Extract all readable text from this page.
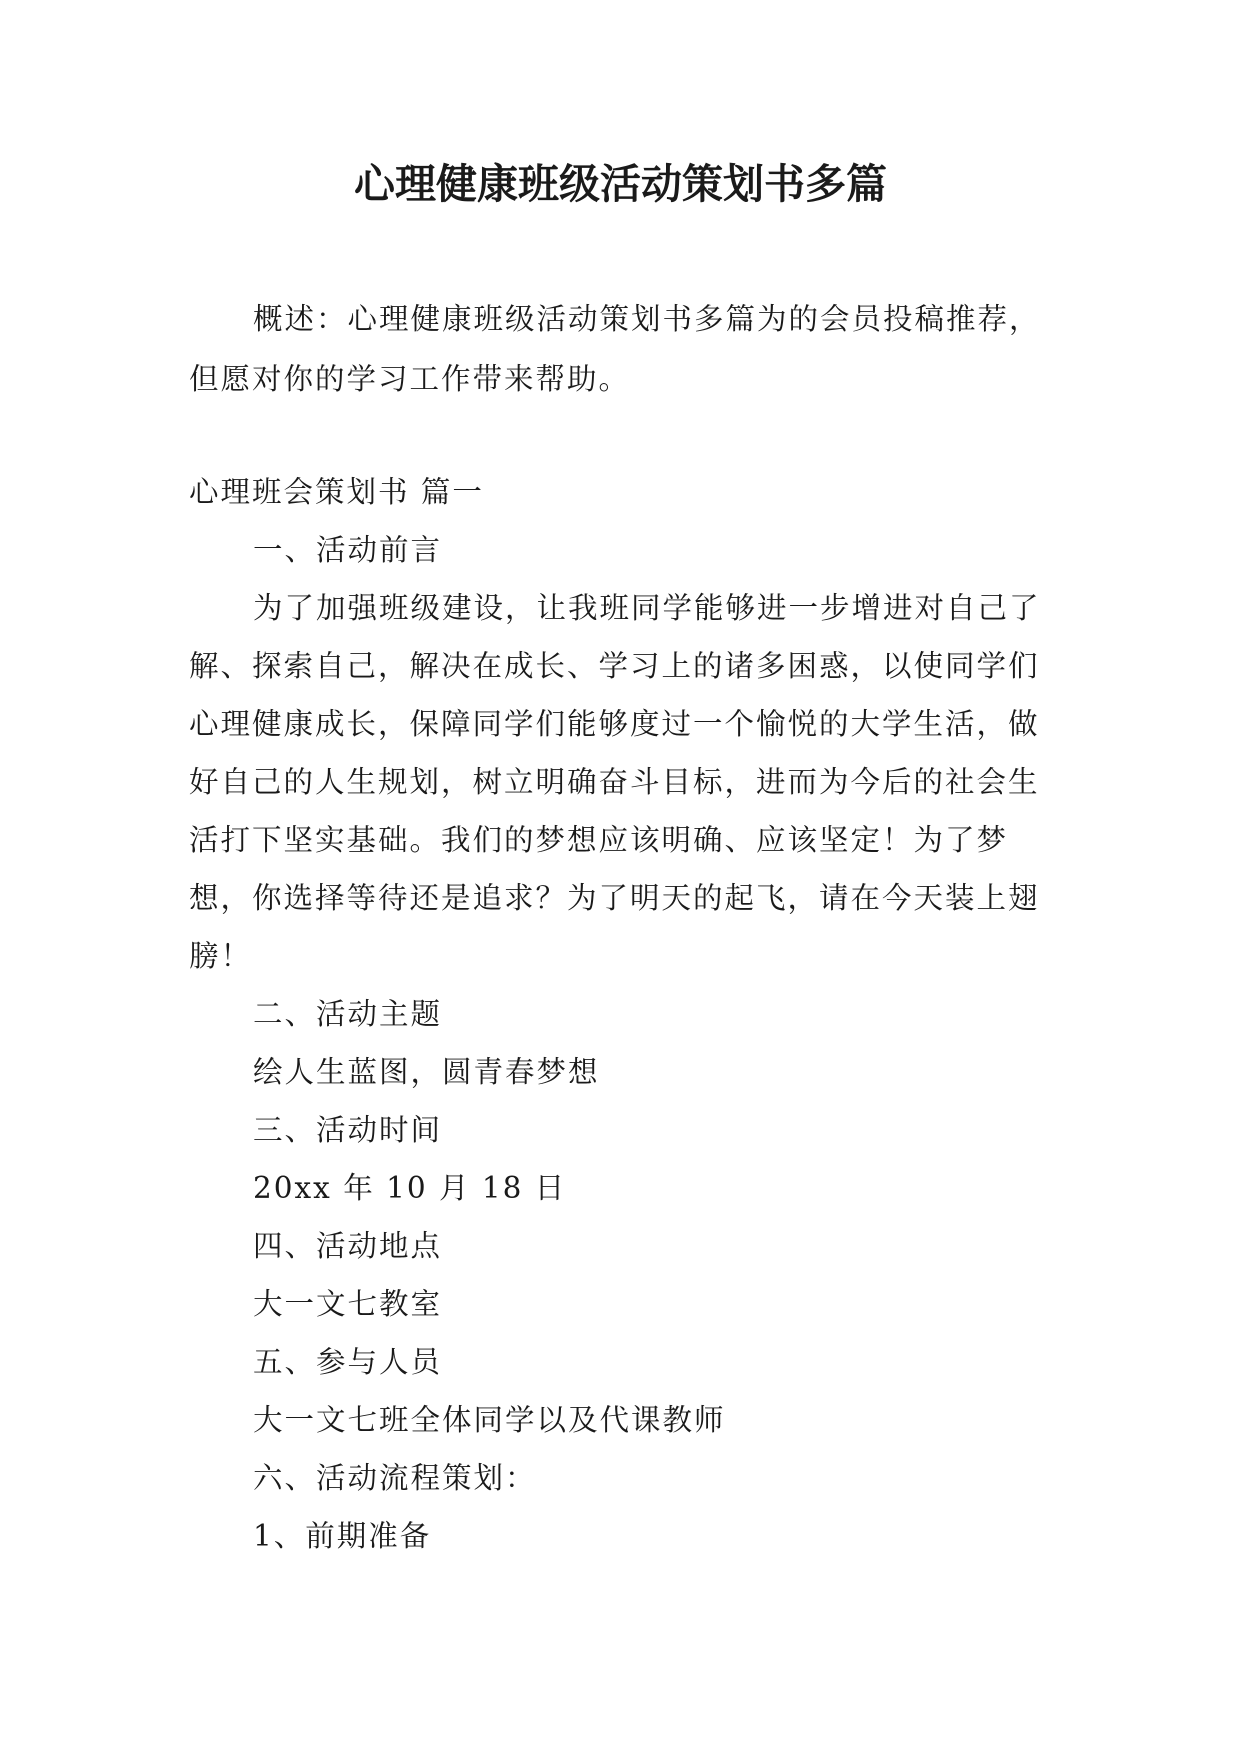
心理健康班级活动策划书多篇
概述：心理健康班级活动策划书多篇为的会员投稿推荐，但愿对你的学习工作带来帮助。
心理班会策划书 篇一

一、活动前言

为了加强班级建设，让我班同学能够进一步增进对自己了解、探索自己，解决在成长、学习上的诸多困惑，以使同学们心理健康成长，保障同学们能够度过一个愉悦的大学生活，做好自己的人生规划，树立明确奋斗目标，进而为今后的社会生活打下坚实基础。我们的梦想应该明确、应该坚定！为了梦想，你选择等待还是追求？为了明天的起飞，请在今天装上翅膀！

二、活动主题

绘人生蓝图，圆青春梦想

三、活动时间

20xx 年 10 月 18 日

四、活动地点

大一文七教室

五、参与人员

大一文七班全体同学以及代课教师

六、活动流程策划：

1、前期准备
